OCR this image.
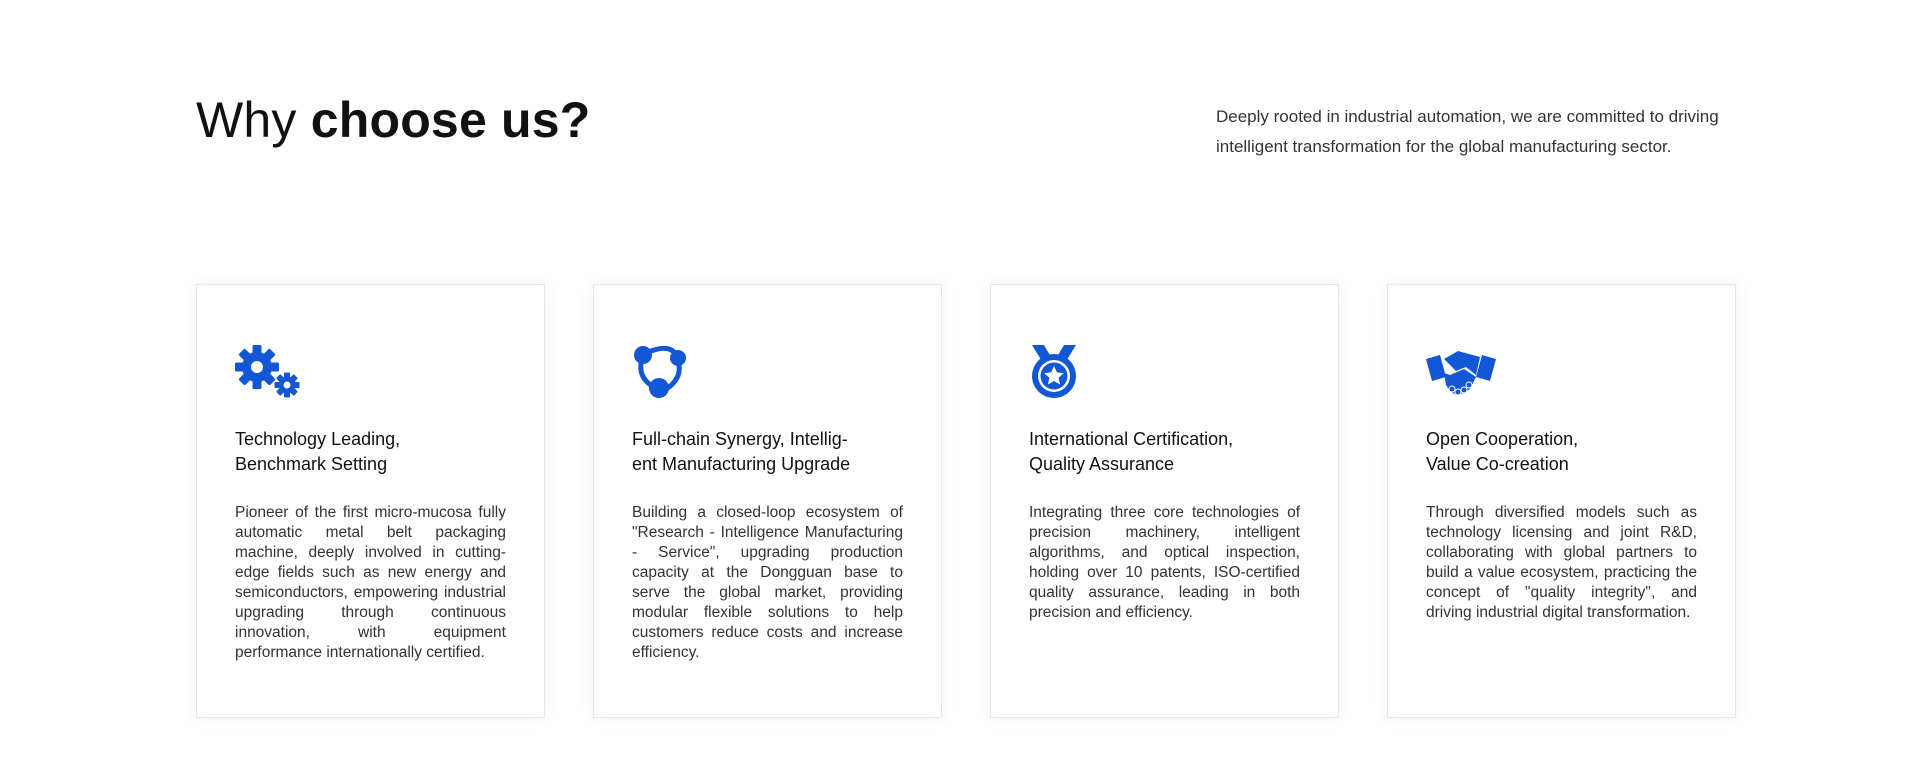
Why choose us?	Deeply rooted in industrial automation, we are committed to driving intelligent transformation for the global manufacturing sector.

Technology Leading,
Benchmark Setting

Pioneer of the first micro-mucosa fully automatic metal belt packaging machine, deeply involved in cutting-edge fields such as new energy and semiconductors, empowering industrial upgrading through continuous innovation, with equipment performance internationally certified.

Full-chain Synergy, Intellig-
ent Manufacturing Upgrade

Building a closed-loop ecosystem of "Research - Intelligence Manufacturing - Service", upgrading production capacity at the Dongguan base to serve the global market, providing modular flexible solutions to help customers reduce costs and increase efficiency.

International Certification,
Quality Assurance

Integrating three core technologies of precision machinery, intelligent algorithms, and optical inspection, holding over 10 patents, ISO-certified quality assurance, leading in both precision and efficiency.

Open Cooperation,
Value Co-creation

Through diversified models such as technology licensing and joint R&D, collaborating with global partners to build a value ecosystem, practicing the concept of "quality integrity", and driving industrial digital transformation.
